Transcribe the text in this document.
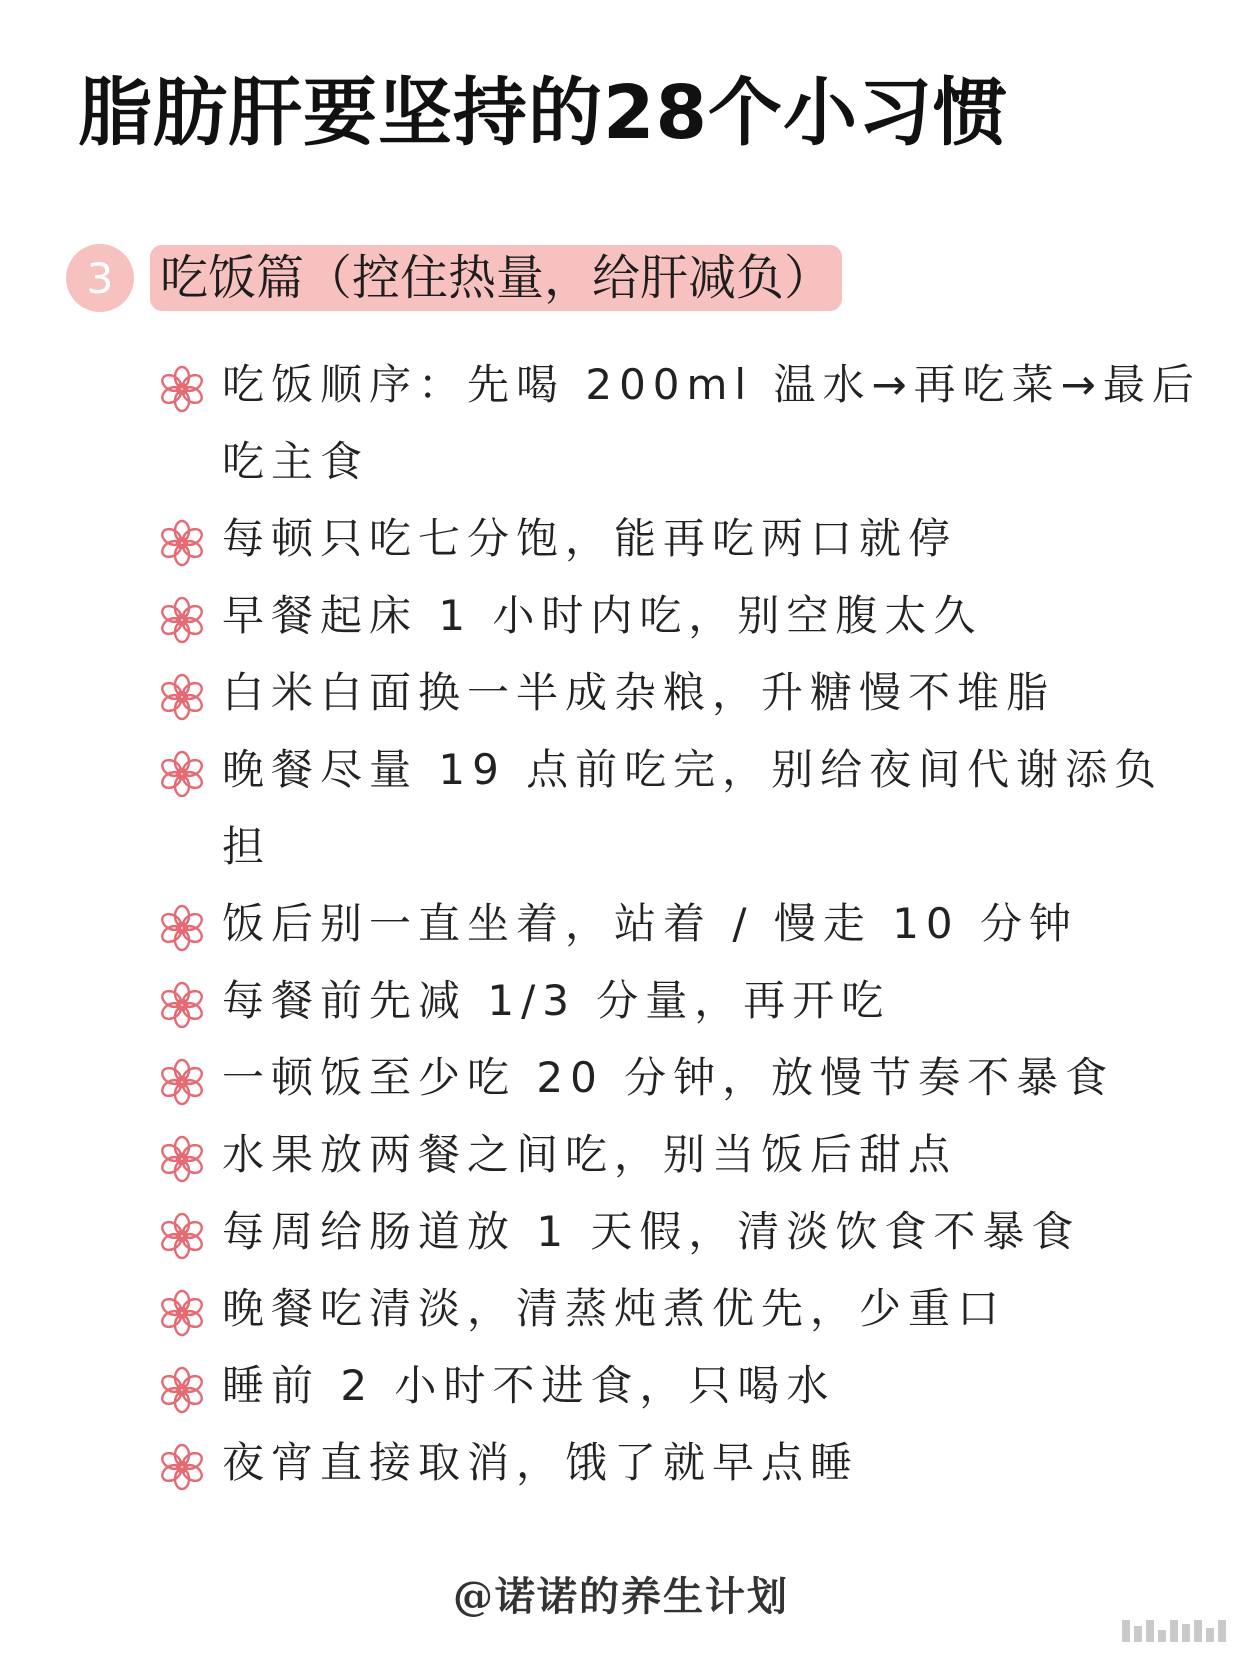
脂肪肝要坚持的28个小习惯
3 吃饭篇（控住热量，给肝减负）
吃饭顺序：先喝 200ml 温水→再吃菜→最后吃主食
每顿只吃七分饱，能再吃两口就停
早餐起床 1 小时内吃，别空腹太久
白米白面换一半成杂粮，升糖慢不堆脂
晚餐尽量 19 点前吃完，别给夜间代谢添负担
饭后别一直坐着，站着 / 慢走 10 分钟
每餐前先减 1/3 分量，再开吃
一顿饭至少吃 20 分钟，放慢节奏不暴食
水果放两餐之间吃，别当饭后甜点
每周给肠道放 1 天假，清淡饮食不暴食
晚餐吃清淡，清蒸炖煮优先，少重口
睡前 2 小时不进食，只喝水
夜宵直接取消，饿了就早点睡
@诺诺的养生计划
